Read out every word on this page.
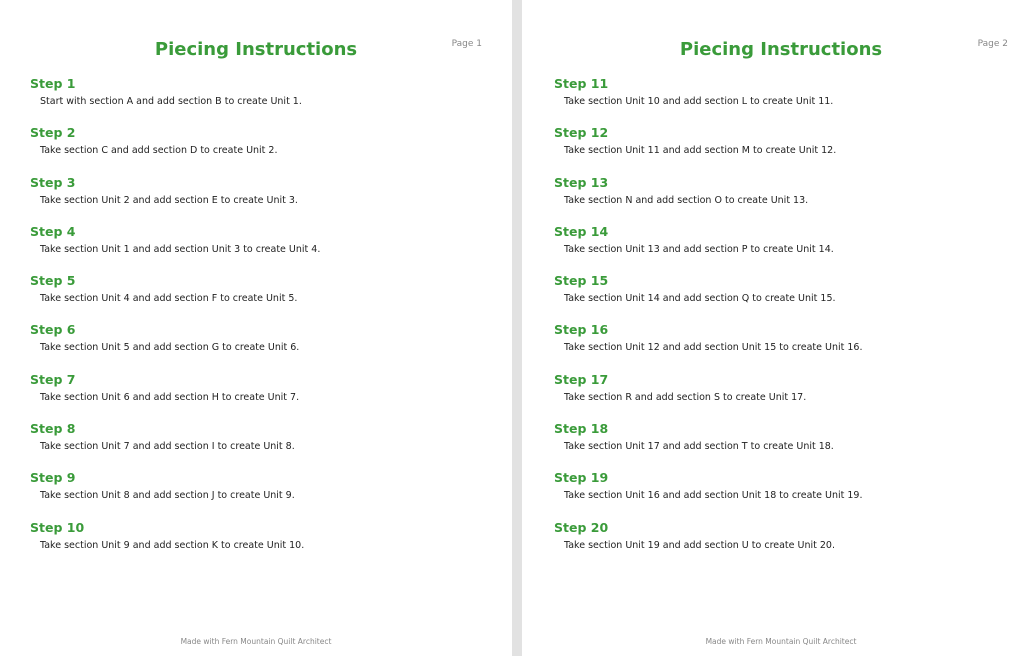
Piecing Instructions	Page 1
Step 1
Start with section A and add section B to create Unit 1.
Step 2
Take section C and add section D to create Unit 2.
Step 3
Take section Unit 2 and add section E to create Unit 3.
Step 4
Take section Unit 1 and add section Unit 3 to create Unit 4.
Step 5
Take section Unit 4 and add section F to create Unit 5.
Step 6
Take section Unit 5 and add section G to create Unit 6.
Step 7
Take section Unit 6 and add section H to create Unit 7.
Step 8
Take section Unit 7 and add section I to create Unit 8.
Step 9
Take section Unit 8 and add section J to create Unit 9.
Step 10
Take section Unit 9 and add section K to create Unit 10.
Made with Fern Mountain Quilt Architect
Piecing Instructions	Page 2
Step 11
Take section Unit 10 and add section L to create Unit 11.
Step 12
Take section Unit 11 and add section M to create Unit 12.
Step 13
Take section N and add section O to create Unit 13.
Step 14
Take section Unit 13 and add section P to create Unit 14.
Step 15
Take section Unit 14 and add section Q to create Unit 15.
Step 16
Take section Unit 12 and add section Unit 15 to create Unit 16.
Step 17
Take section R and add section S to create Unit 17.
Step 18
Take section Unit 17 and add section T to create Unit 18.
Step 19
Take section Unit 16 and add section Unit 18 to create Unit 19.
Step 20
Take section Unit 19 and add section U to create Unit 20.
Made with Fern Mountain Quilt Architect
